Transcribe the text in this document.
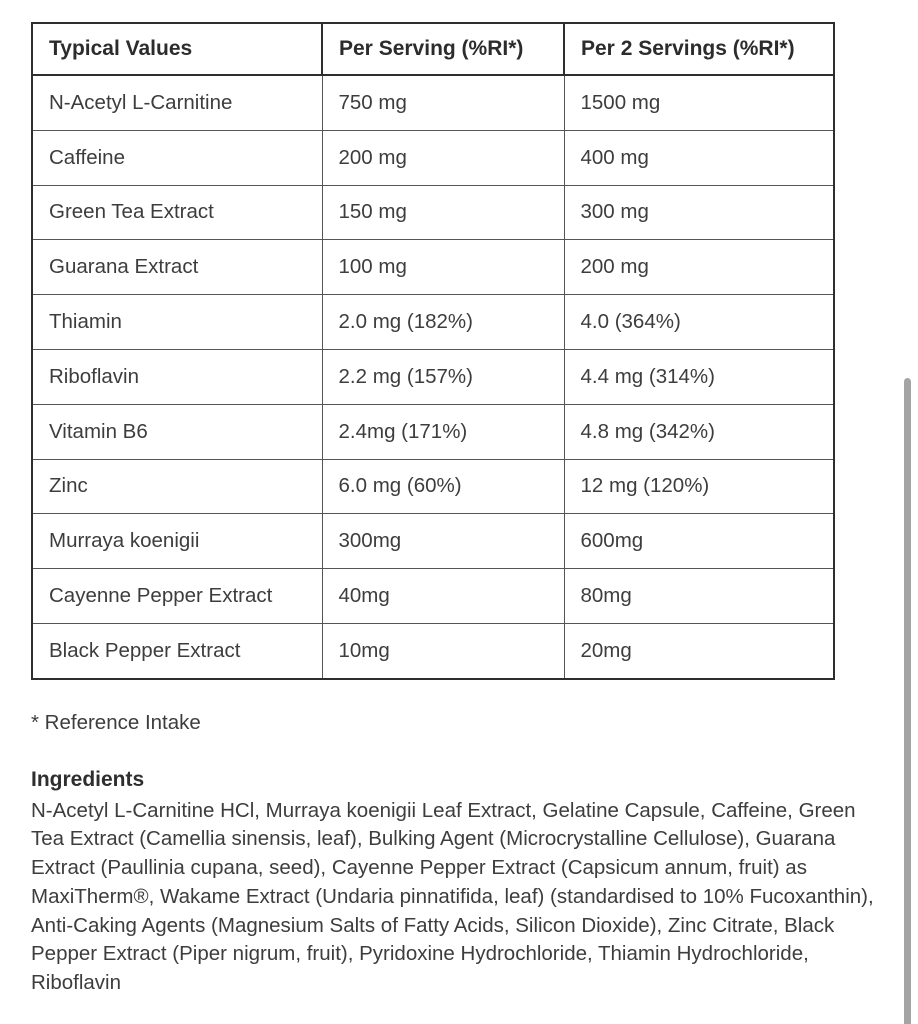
Typical Values	Per Serving (%RI*)	Per 2 Servings (%RI*)
N-Acetyl L-Carnitine	750 mg	1500 mg
Caffeine	200 mg	400 mg
Green Tea Extract	150 mg	300 mg
Guarana Extract	100 mg	200 mg
Thiamin	2.0 mg (182%)	4.0 (364%)
Riboflavin	2.2 mg (157%)	4.4 mg (314%)
Vitamin B6	2.4mg (171%)	4.8 mg (342%)
Zinc	6.0 mg (60%)	12 mg (120%)
Murraya koenigii	300mg	600mg
Cayenne Pepper Extract	40mg	80mg
Black Pepper Extract	10mg	20mg
* Reference Intake
Ingredients
N-Acetyl L-Carnitine HCl, Murraya koenigii Leaf Extract, Gelatine Capsule, Caffeine, Green Tea Extract (Camellia sinensis, leaf), Bulking Agent (Microcrystalline Cellulose), Guarana Extract (Paullinia cupana, seed), Cayenne Pepper Extract (Capsicum annum, fruit) as MaxiTherm®, Wakame Extract (Undaria pinnatifida, leaf) (standardised to 10% Fucoxanthin), Anti-Caking Agents (Magnesium Salts of Fatty Acids, Silicon Dioxide), Zinc Citrate, Black Pepper Extract (Piper nigrum, fruit), Pyridoxine Hydrochloride, Thiamin Hydrochloride, Riboflavin
